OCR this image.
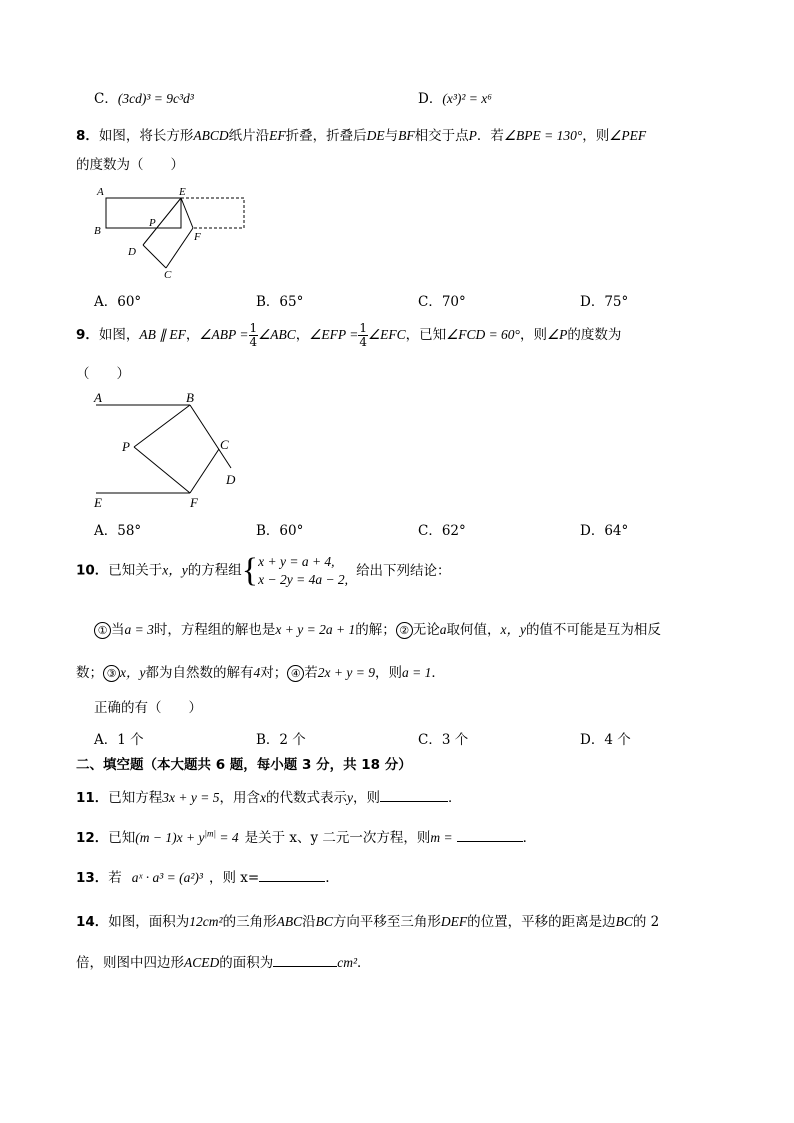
C．(3cd)³ = 9c³d³	D．(x³)² = x⁶
8．如图，将长方形ABCD纸片沿EF折叠，折叠后DE与BF相交于点P．若∠BPE = 130°，则∠PEF
的度数为（　　）
A	E
B
P
F
D
C
A．60°	B．65°	C．70°	D．75°
9．如图，AB ∥ EF，∠ABP = $\frac{1}{4}$ ∠ABC，∠EFP = $\frac{1}{4}$ ∠EFC，已知∠FCD = 60°，则∠P的度数为
（　　）
A	B
P	C
D
E	F
A．58°	B．60°	C．62°	D．64°
10．已知关于x，y的方程组{ x + y = a + 4,
x − 2y = 4a − 2,
给出下列结论：
① 当a = 3时，方程组的解也是x + y = 2a + 1的解； ② 无论a取何值，x，y的值不可能是互为相反
数； ③ x，y都为自然数的解有4对； ④ 若2x + y = 9，则a = 1．
正确的有（　　）
A．1 个	B．2 个	C．3 个	D．4 个
二、填空题（本大题共 6 题，每小题 3 分，共 18 分）
11．已知方程3x + y = 5，用含x的代数式表示y，则	．
12．已知$(m - 1)x + y^{|m|} = 4$ 是关于 x、y 二元一次方程，则m =	．
13．若 aˣ · a³ = (a²)³ ，则 x=	.
14．如图，面积为12cm²的三角形ABC沿BC方向平移至三角形DEF的位置，平移的距离是边BC的 2
倍，则图中四边形ACED的面积为	cm²．
